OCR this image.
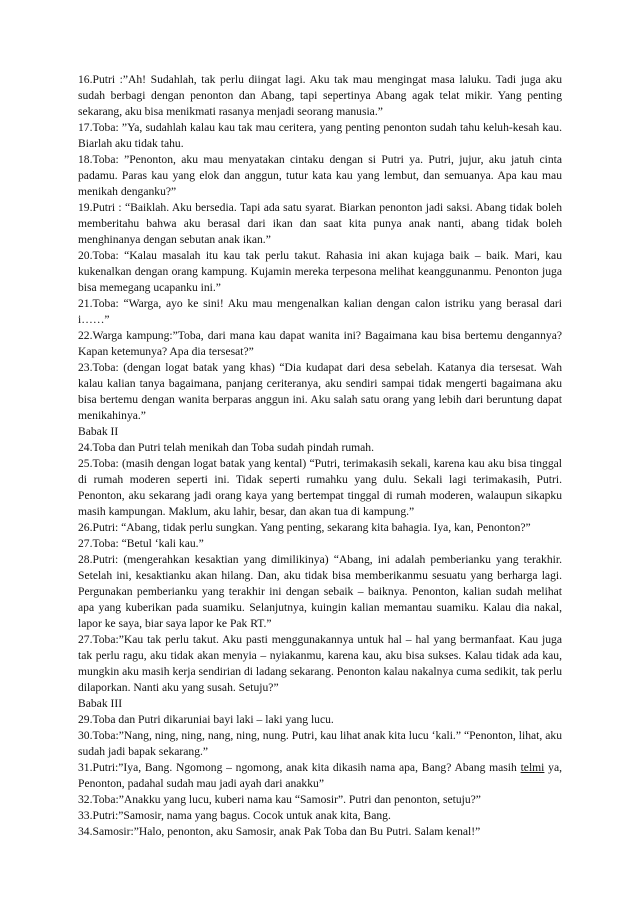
16.Putri :”Ah! Sudahlah, tak perlu diingat lagi. Aku tak mau mengingat masa laluku. Tadi juga aku sudah berbagi dengan penonton dan Abang, tapi sepertinya Abang agak telat mikir. Yang penting sekarang, aku bisa menikmati rasanya menjadi seorang manusia.”

17.Toba: ”Ya, sudahlah kalau kau tak mau ceritera, yang penting penonton sudah tahu keluh-kesah kau. Biarlah aku tidak tahu.

18.Toba: ”Penonton, aku mau menyatakan cintaku dengan si Putri ya. Putri, jujur, aku jatuh cinta padamu. Paras kau yang elok dan anggun, tutur kata kau yang lembut, dan semuanya. Apa kau mau menikah denganku?”

19.Putri : “Baiklah. Aku bersedia. Tapi ada satu syarat. Biarkan penonton jadi saksi. Abang tidak boleh memberitahu bahwa aku berasal dari ikan dan saat kita punya anak nanti, abang tidak boleh menghinanya dengan sebutan anak ikan.”

20.Toba: “Kalau masalah itu kau tak perlu takut. Rahasia ini akan kujaga baik – baik. Mari, kau kukenalkan dengan orang kampung. Kujamin mereka terpesona melihat keanggunanmu. Penonton juga bisa memegang ucapanku ini.”

21.Toba: “Warga, ayo ke sini! Aku mau mengenalkan kalian dengan calon istriku yang berasal dari i……”

22.Warga kampung:”Toba, dari mana kau dapat wanita ini? Bagaimana kau bisa bertemu dengannya? Kapan ketemunya? Apa dia tersesat?”

23.Toba: (dengan logat batak yang khas) “Dia kudapat dari desa sebelah. Katanya dia tersesat. Wah kalau kalian tanya bagaimana, panjang ceriteranya, aku sendiri sampai tidak mengerti bagaimana aku bisa bertemu dengan wanita berparas anggun ini. Aku salah satu orang yang lebih dari beruntung dapat menikahinya.”

Babak II

24.Toba dan Putri telah menikah dan Toba sudah pindah rumah.

25.Toba: (masih dengan logat batak yang kental) “Putri, terimakasih sekali, karena kau aku bisa tinggal di rumah moderen seperti ini. Tidak seperti rumahku yang dulu. Sekali lagi terimakasih, Putri. Penonton, aku sekarang jadi orang kaya yang bertempat tinggal di rumah moderen, walaupun sikapku masih kampungan. Maklum, aku lahir, besar, dan akan tua di kampung.”

26.Putri: “Abang, tidak perlu sungkan. Yang penting, sekarang kita bahagia. Iya, kan, Penonton?”

27.Toba: “Betul ‘kali kau.”

28.Putri: (mengerahkan kesaktian yang dimilikinya) “Abang, ini adalah pemberianku yang terakhir. Setelah ini, kesaktianku akan hilang. Dan, aku tidak bisa memberikanmu sesuatu yang berharga lagi. Pergunakan pemberianku yang terakhir ini dengan sebaik – baiknya. Penonton, kalian sudah melihat apa yang kuberikan pada suamiku. Selanjutnya, kuingin kalian memantau suamiku. Kalau dia nakal, lapor ke saya, biar saya lapor ke Pak RT.”

27.Toba:”Kau tak perlu takut. Aku pasti menggunakannya untuk hal – hal yang bermanfaat. Kau juga tak perlu ragu, aku tidak akan menyia – nyiakanmu, karena kau, aku bisa sukses. Kalau tidak ada kau, mungkin aku masih kerja sendirian di ladang sekarang. Penonton kalau nakalnya cuma sedikit, tak perlu dilaporkan. Nanti aku yang susah. Setuju?”

Babak III

29.Toba dan Putri dikaruniai bayi laki – laki yang lucu.

30.Toba:”Nang, ning, ning, nang, ning, nung. Putri, kau lihat anak kita lucu ‘kali.” “Penonton, lihat, aku sudah jadi bapak sekarang.”

31.Putri:”Iya, Bang. Ngomong – ngomong, anak kita dikasih nama apa, Bang? Abang masih telmi ya, Penonton, padahal sudah mau jadi ayah dari anakku”

32.Toba:”Anakku yang lucu, kuberi nama kau “Samosir”. Putri dan penonton, setuju?”

33.Putri:”Samosir, nama yang bagus. Cocok untuk anak kita, Bang.

34.Samosir:”Halo, penonton, aku Samosir, anak Pak Toba dan Bu Putri. Salam kenal!”
